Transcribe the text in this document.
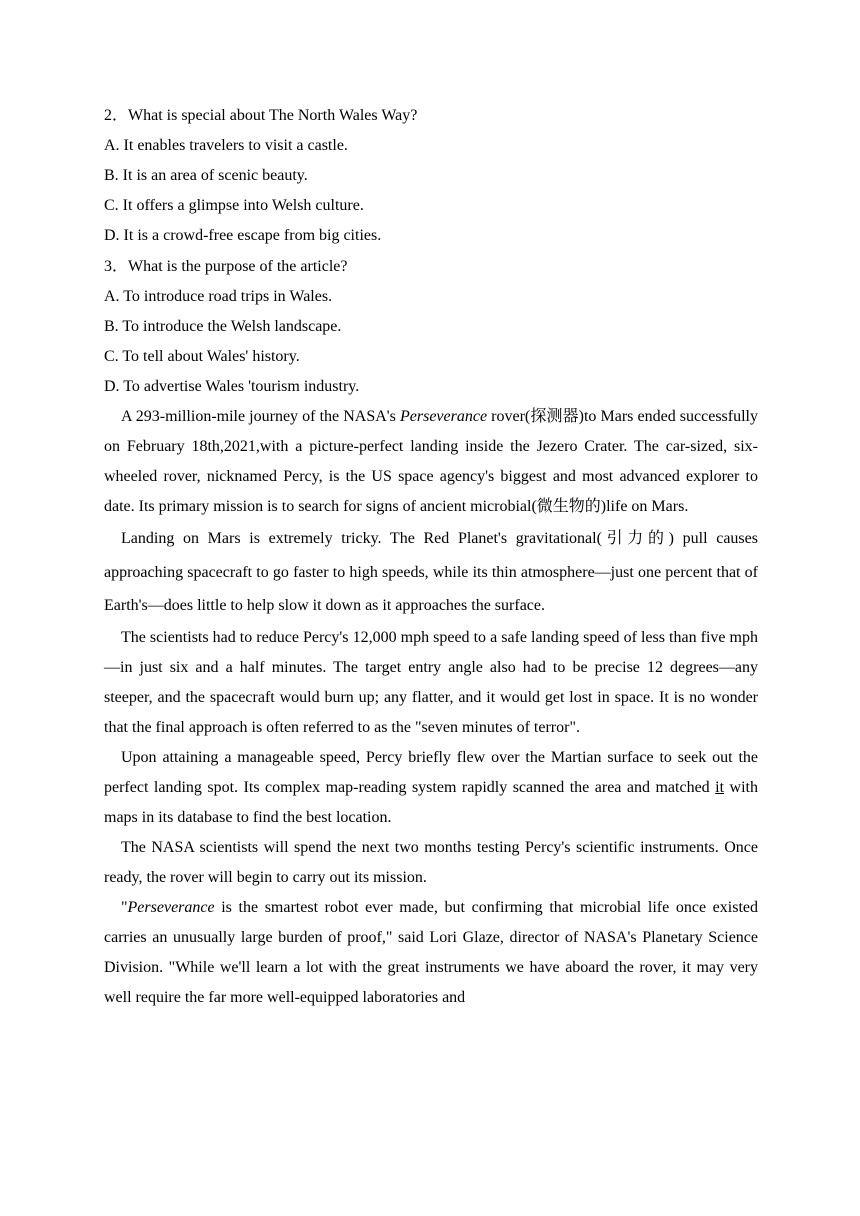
2．What is special about The North Wales Way?
A. It enables travelers to visit a castle.
B. It is an area of scenic beauty.
C. It offers a glimpse into Welsh culture.
D. It is a crowd-free escape from big cities.
3．What is the purpose of the article?
A. To introduce road trips in Wales.
B. To introduce the Welsh landscape.
C. To tell about Wales' history.
D. To advertise Wales 'tourism industry.

A 293-million-mile journey of the NASA's Perseverance rover(探测器)to Mars ended successfully on February 18th,2021,with a picture-perfect landing inside the Jezero Crater. The car-sized, six-wheeled rover, nicknamed Percy, is the US space agency's biggest and most advanced explorer to date. Its primary mission is to search for signs of ancient microbial(微生物的)life on Mars.

Landing on Mars is extremely tricky. The Red Planet's gravitational(引力的) pull causes approaching spacecraft to go faster to high speeds, while its thin atmosphere—just one percent that of Earth's—does little to help slow it down as it approaches the surface.

The scientists had to reduce Percy's 12,000 mph speed to a safe landing speed of less than five mph—in just six and a half minutes. The target entry angle also had to be precise 12 degrees—any steeper, and the spacecraft would burn up; any flatter, and it would get lost in space. It is no wonder that the final approach is often referred to as the "seven minutes of terror".

Upon attaining a manageable speed, Percy briefly flew over the Martian surface to seek out the perfect landing spot. Its complex map-reading system rapidly scanned the area and matched it with maps in its database to find the best location.

The NASA scientists will spend the next two months testing Percy's scientific instruments. Once ready, the rover will begin to carry out its mission.

"Perseverance is the smartest robot ever made, but confirming that microbial life once existed carries an unusually large burden of proof," said Lori Glaze, director of NASA's Planetary Science Division. "While we'll learn a lot with the great instruments we have aboard the rover, it may very well require the far more well-equipped laboratories and
